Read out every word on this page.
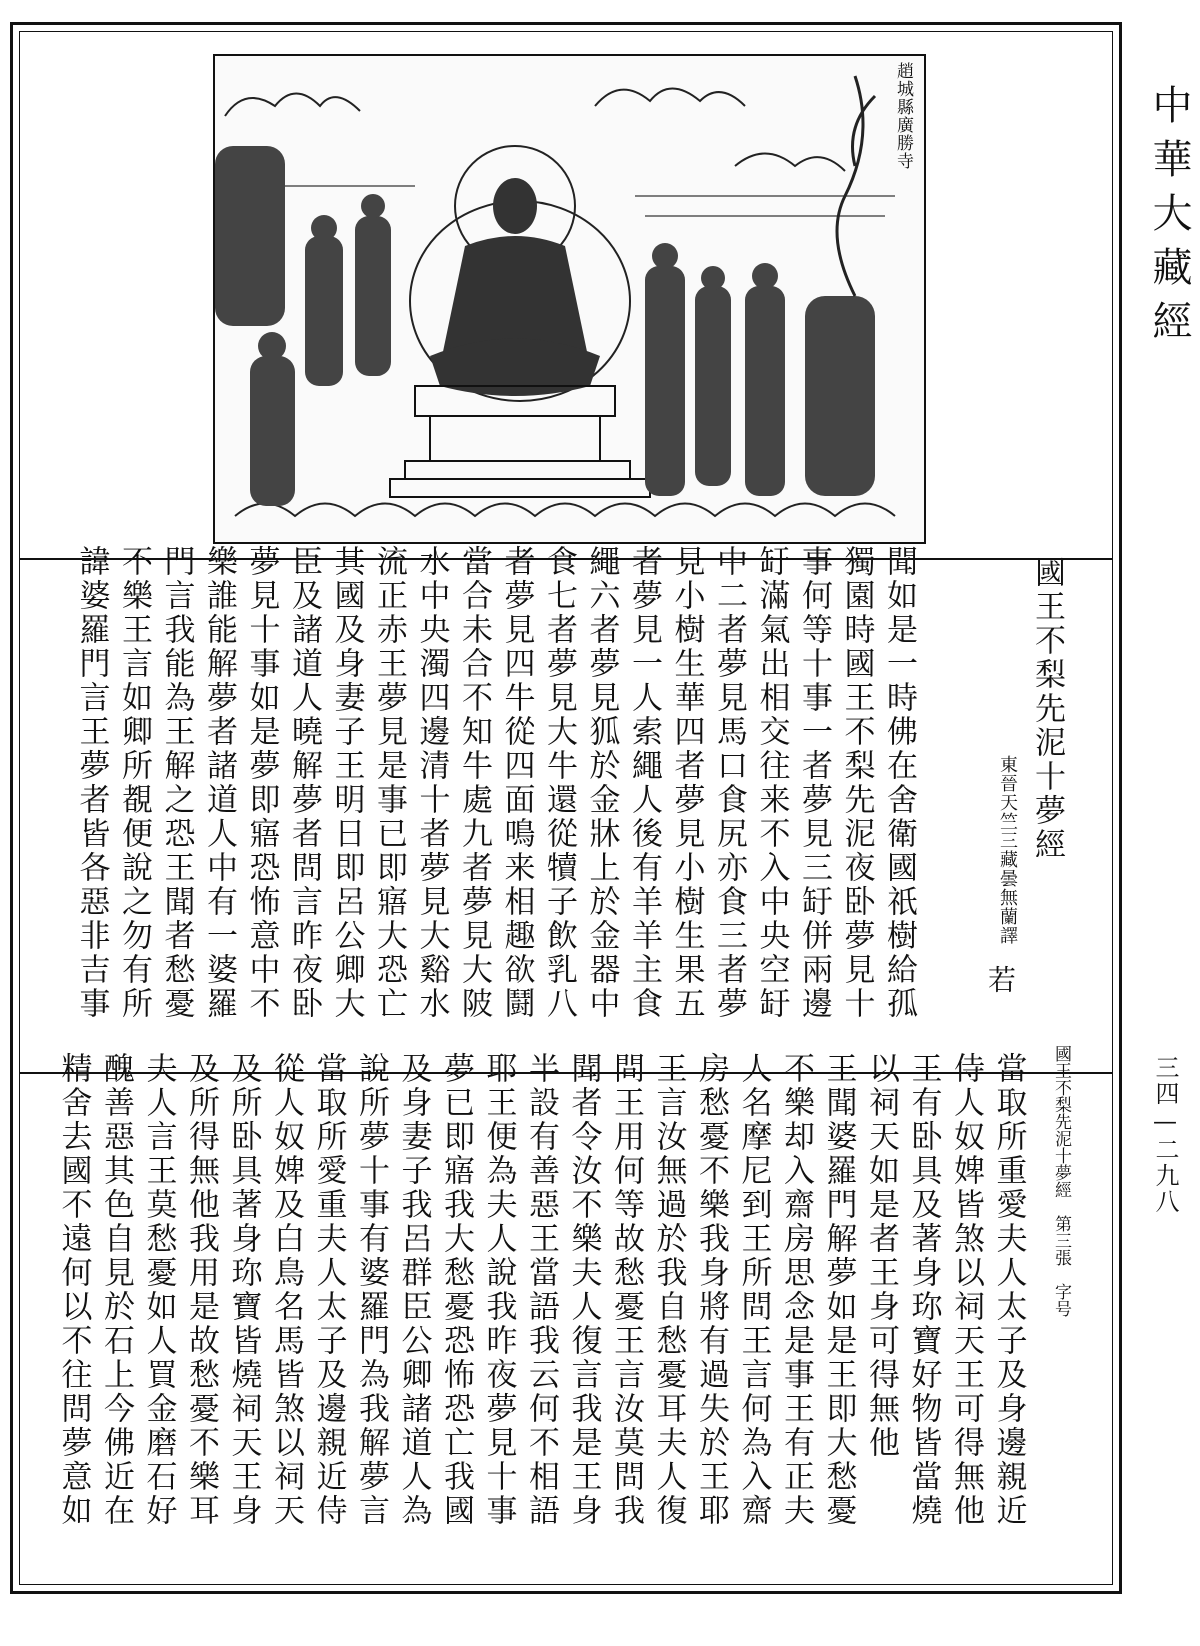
趙城縣廣勝寺
國王不梨先泥十夢經
東晉天竺三藏曇無蘭譯
若
聞如是一時佛在舍衛國祇樹給孤
獨園時國王不梨先泥夜卧夢見十
事何等十事一者夢見三䍂併兩邊
䍂滿氣出相交往来不入中央空䍂
中二者夢見馬口食尻亦食三者夢
見小樹生華四者夢見小樹生果五
者夢見一人索繩人後有羊羊主食
繩六者夢見狐於金牀上於金器中
食七者夢見大牛還從犢子飲乳八
者夢見四牛從四面鳴来相趣欲鬪
當合未合不知牛處九者夢見大陂
水中央濁四邊清十者夢見大谿水
流正赤王夢見是事已即寤大恐亡
其國及身妻子王明日即呂公卿大
臣及諸道人曉解夢者問言昨夜卧
夢見十事如是夢即寤恐怖意中不
樂誰能解夢者諸道人中有一婆羅
門言我能為王解之恐王聞者愁憂
不樂王言如卿所覩便說之勿有所
諱婆羅門言王夢者皆各惡非吉事
國王不梨先泥十夢經　第三張　字号
當取所重愛夫人太子及身邊親近
侍人奴婢皆煞以祠天王可得無他
王有卧具及著身珎寶好物皆當燒
以祠天如是者王身可得無他
王聞婆羅門解夢如是王即大愁憂
不樂却入齋房思念是事王有正夫
人名摩尼到王所問王言何為入齋
房愁憂不樂我身將有過失於王耶
王言汝無過於我自愁憂耳夫人復
問王用何等故愁憂王言汝莫問我
聞者令汝不樂夫人復言我是王身
半設有善惡王當語我云何不相語
耶王便為夫人說我昨夜夢見十事
夢已即寤我大愁憂恐怖恐亡我國
及身妻子我呂群臣公卿諸道人為
說所夢十事有婆羅門為我解夢言
當取所愛重夫人太子及邊親近侍
從人奴婢及白鳥名馬皆煞以祠天
及所卧具著身珎寶皆燒祠天王身
及所得無他我用是故愁憂不樂耳
夫人言王莫愁憂如人買金磨石好
醜善惡其色自見於石上今佛近在
精舍去國不遠何以不往問夢意如
中華大藏經
三四—二九八
